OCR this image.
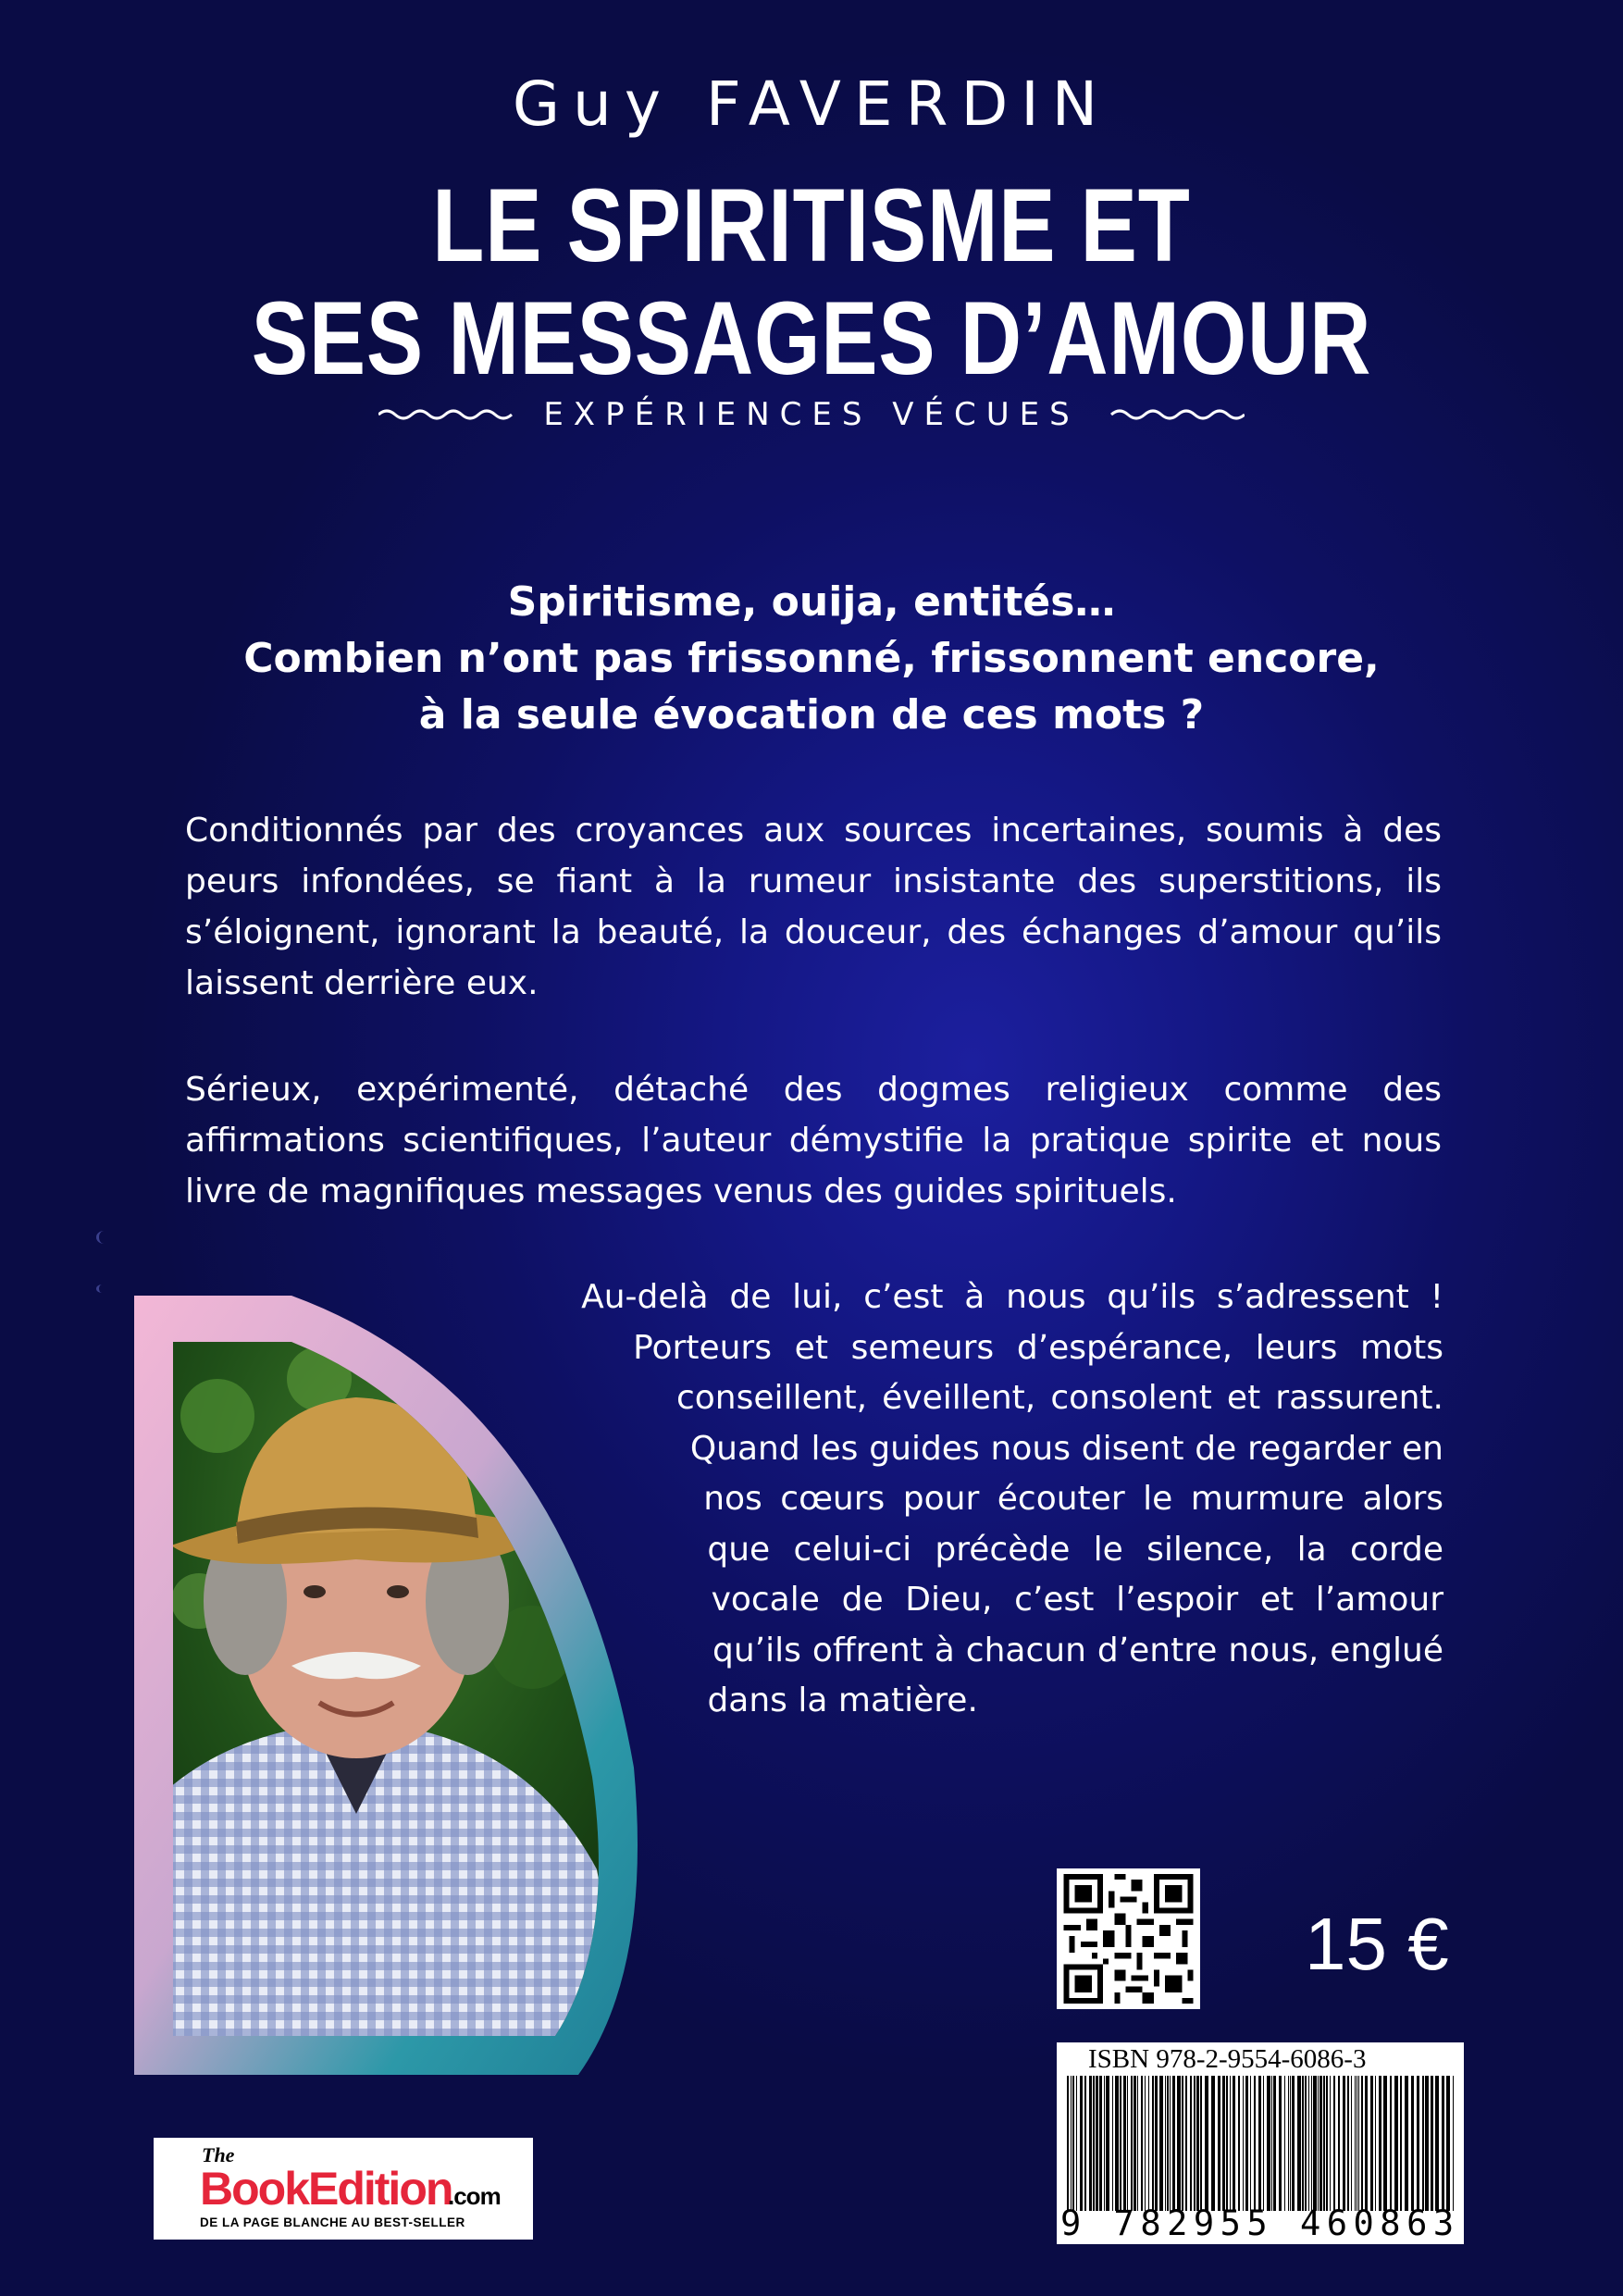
Guy FAVERDIN
LE SPIRITISME ET
SES MESSAGES D’AMOUR
EXPÉRIENCES VÉCUES
Spiritisme, ouija, entités…
Combien n’ont pas frissonné, frissonnent encore,
à la seule évocation de ces mots ?
Conditionnés par des croyances aux sources incertaines, soumis à des peurs infondées, se fiant à la rumeur insistante des superstitions, ils s’éloignent, ignorant la beauté, la douceur, des échanges d’amour qu’ils laissent derrière eux.
Sérieux, expérimenté, détaché des dogmes religieux comme des affirmations scientifiques, l’auteur démystifie la pratique spirite et nous livre de magnifiques messages venus des guides spirituels.
Au-delà de lui, c’est à nous qu’ils s’adressent ! Porteurs et semeurs d’espérance, leurs mots conseillent, éveillent, consolent et rassurent. Quand les guides nous disent de regarder en nos cœurs pour écouter le murmure alors que celui-ci précède le silence, la corde vocale de Dieu, c’est l’espoir et l’amour qu’ils offrent à chacun d’entre nous, englué dans la matière.
15 €
ISBN 978-2-9554-6086-3
9 782955 460863
The
BookEdition
.com
DE LA PAGE BLANCHE AU BEST-SELLER
